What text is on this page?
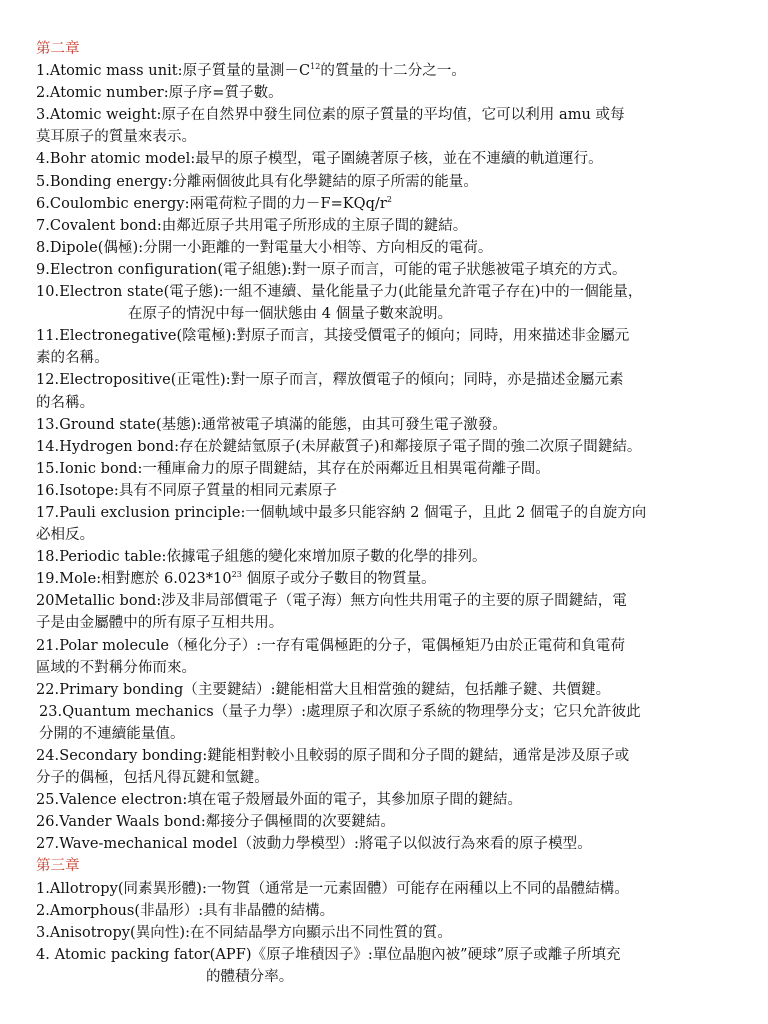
第二章
1.Atomic mass unit:原子質量的量測$-C^{12}$的質量的十二分之一。
2.Atomic number:原子序=質子數。
3.Atomic weight:原子在自然界中發生同位素的原子質量的平均值，它可以利用 amu 或每
莫耳原子的質量來表示。
4.Bohr atomic model:最早的原子模型，電子圍繞著原子核，並在不連續的軌道運行。
5.Bonding energy:分離兩個彼此具有化學鍵結的原子所需的能量。
6.Coulombic energy:兩電荷粒子間的力$-F=KQq/r^2$
7.Covalent bond:由鄰近原子共用電子所形成的主原子間的鍵結。
8.Dipole(偶極):分開一小距離的一對電量大小相等、方向相反的電荷。
9.Electron configuration(電子組態):對一原子而言，可能的電子狀態被電子填充的方式。
10.Electron state(電子態):一組不連續、量化能量子力(此能量允許電子存在)中的一個能量，
在原子的情況中每一個狀態由 4 個量子數來說明。
11.Electronegative(陰電極):對原子而言，其接受價電子的傾向；同時，用來描述非金屬元
素的名稱。
12.Electropositive(正電性):對一原子而言，釋放價電子的傾向；同時，亦是描述金屬元素
的名稱。
13.Ground state(基態):通常被電子填滿的能態，由其可發生電子激發。
14.Hydrogen bond:存在於鍵結氫原子(未屏蔽質子)和鄰接原子電子間的強二次原子間鍵結。
15.Ionic bond:一種庫侖力的原子間鍵結，其存在於兩鄰近且相異電荷離子間。
16.Isotope:具有不同原子質量的相同元素原子
17.Pauli exclusion principle:一個軌域中最多只能容納 2 個電子，且此 2 個電子的自旋方向
必相反。
18.Periodic table:依據電子組態的變化來增加原子數的化學的排列。
19.Mole:相對應於 $6.023*10^{23}$ 個原子或分子數目的物質量。
20Metallic bond:涉及非局部價電子（電子海）無方向性共用電子的主要的原子間鍵結，電
子是由金屬體中的所有原子互相共用。
21.Polar molecule（極化分子）:一存有電偶極距的分子，電偶極矩乃由於正電荷和負電荷
區域的不對稱分佈而來。
22.Primary bonding（主要鍵結）:鍵能相當大且相當強的鍵結，包括離子鍵、共價鍵。
23.Quantum mechanics（量子力學）:處理原子和次原子系統的物理學分支；它只允許彼此
分開的不連續能量值。
24.Secondary bonding:鍵能相對較小且較弱的原子間和分子間的鍵結，通常是涉及原子或
分子的偶極，包括凡得瓦鍵和氫鍵。
25.Valence electron:填在電子殼層最外面的電子，其參加原子間的鍵結。
26.Vander Waals bond:鄰接分子偶極間的次要鍵結。
27.Wave-mechanical model（波動力學模型）:將電子以似波行為來看的原子模型。
第三章
1.Allotropy(同素異形體):一物質（通常是一元素固體）可能存在兩種以上不同的晶體結構。
2.Amorphous(非晶形）:具有非晶體的結構。
3.Anisotropy(異向性):在不同結晶學方向顯示出不同性質的質。
4. Atomic packing fator(APF)《原子堆積因子》:單位晶胞內被”硬球”原子或離子所填充
的體積分率。
